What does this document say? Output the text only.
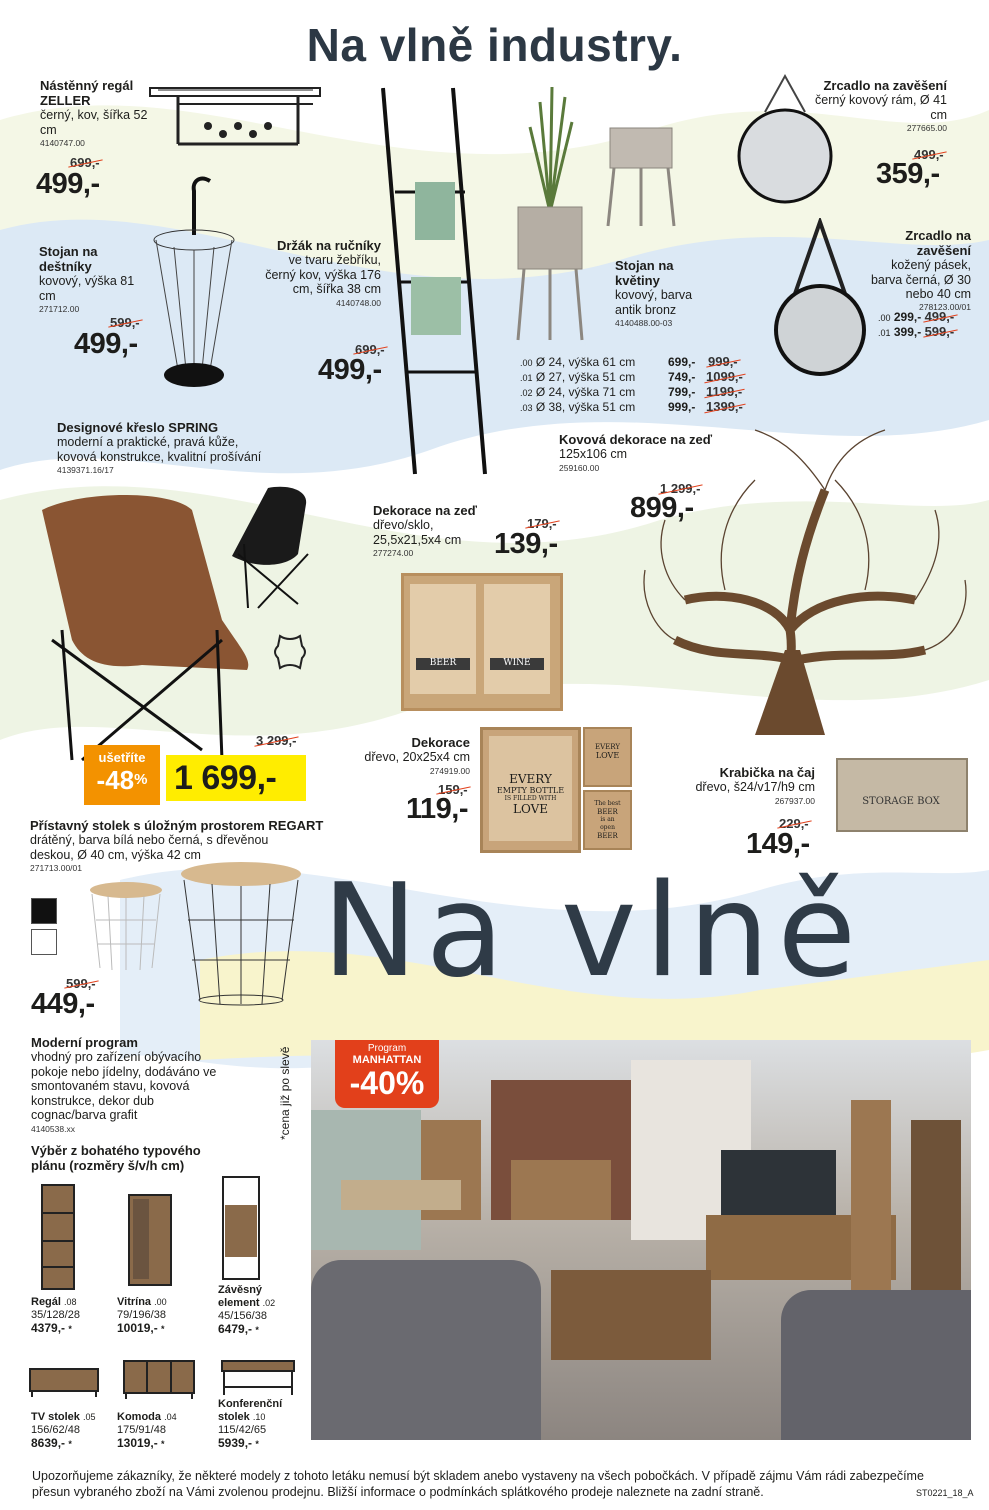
Na vlně industry.
Nástěnný regál ZELLER
černý, kov, šířka 52 cm
4140747.00
699,-
499,-
Stojan na deštníky
kovový, výška 81 cm
271712.00
599,-
499,-
Držák na ručníky
ve tvaru žebříku, černý kov, výška 176 cm, šířka 38 cm
4140748.00
699,-
499,-
Stojan na květiny
kovový, barva antik bronz
4140488.00-03
.00 Ø 24, výška 61 cm	699,- 999,-
.01 Ø 27, výška 51 cm	749,- 1099,-
.02 Ø 24, výška 71 cm	799,- 1199,-
.03 Ø 38, výška 51 cm	999,- 1399,-
Zrcadlo na zavěšení
černý kovový rám, Ø 41 cm
277665.00
499,-
359,-
Zrcadlo na zavěšení
kožený pásek, barva černá, Ø 30 nebo 40 cm
278123.00/01
.00 299,- 499,-
.01 399,- 599,-
Designové křeslo SPRING
moderní a praktické, pravá kůže, kovová konstrukce, kvalitní prošívání
4139371.16/17
3 299,-
ušetříte
-48% 1 699,-
Dekorace na zeď
dřevo/sklo, 25,5x21,5x4 cm
277274.00
179,-
139,-
BEER	WINE
Kovová dekorace na zeď
125x106 cm
259160.00
1 299,-
899,-
Dekorace
dřevo, 20x25x4 cm
274919.00
159,-
119,-
EVERY
EMPTY BOTTLE
IS FILLED WITH
LOVE
EVERY
LOVE
The best
BEER
is an
open
BEER
Krabička na čaj
dřevo, š24/v17/h9 cm
267937.00
229,-
149,-
STORAGE BOX
Přístavný stolek s úložným prostorem REGART
drátěný, barva bílá nebo černá, s dřevěnou deskou, Ø 40 cm, výška 42 cm
271713.00/01
599,-
449,- Na vlně
Moderní program
vhodný pro zařízení obývacího pokoje nebo jídelny, dodáváno ve smontovaném stavu, kovová konstrukce, dekor dub cognac/barva grafit
4140538.xx
Výběr z bohatého typového plánu (rozměry š/v/h cm)
*cena již po slevě	Program
MANHATTAN
-40%
Regál .08
35/128/28
4379,- *
Vitrína .00
79/196/38
10019,- *
Závěsný element .02
45/156/38
6479,- *
TV stolek .05
156/62/48
8639,- *
Komoda .04
175/91/48
13019,- *
Konferenční stolek .10
115/42/65
5939,- *
Upozorňujeme zákazníky, že některé modely z tohoto letáku nemusí být skladem anebo vystaveny na všech pobočkách. V případě zájmu Vám rádi zabezpečíme přesun vybraného zboží na Vámi zvolenou prodejnu. Bližší informace o podmínkách splátkového prodeje naleznete na zadní straně.	ST0221_18_A
